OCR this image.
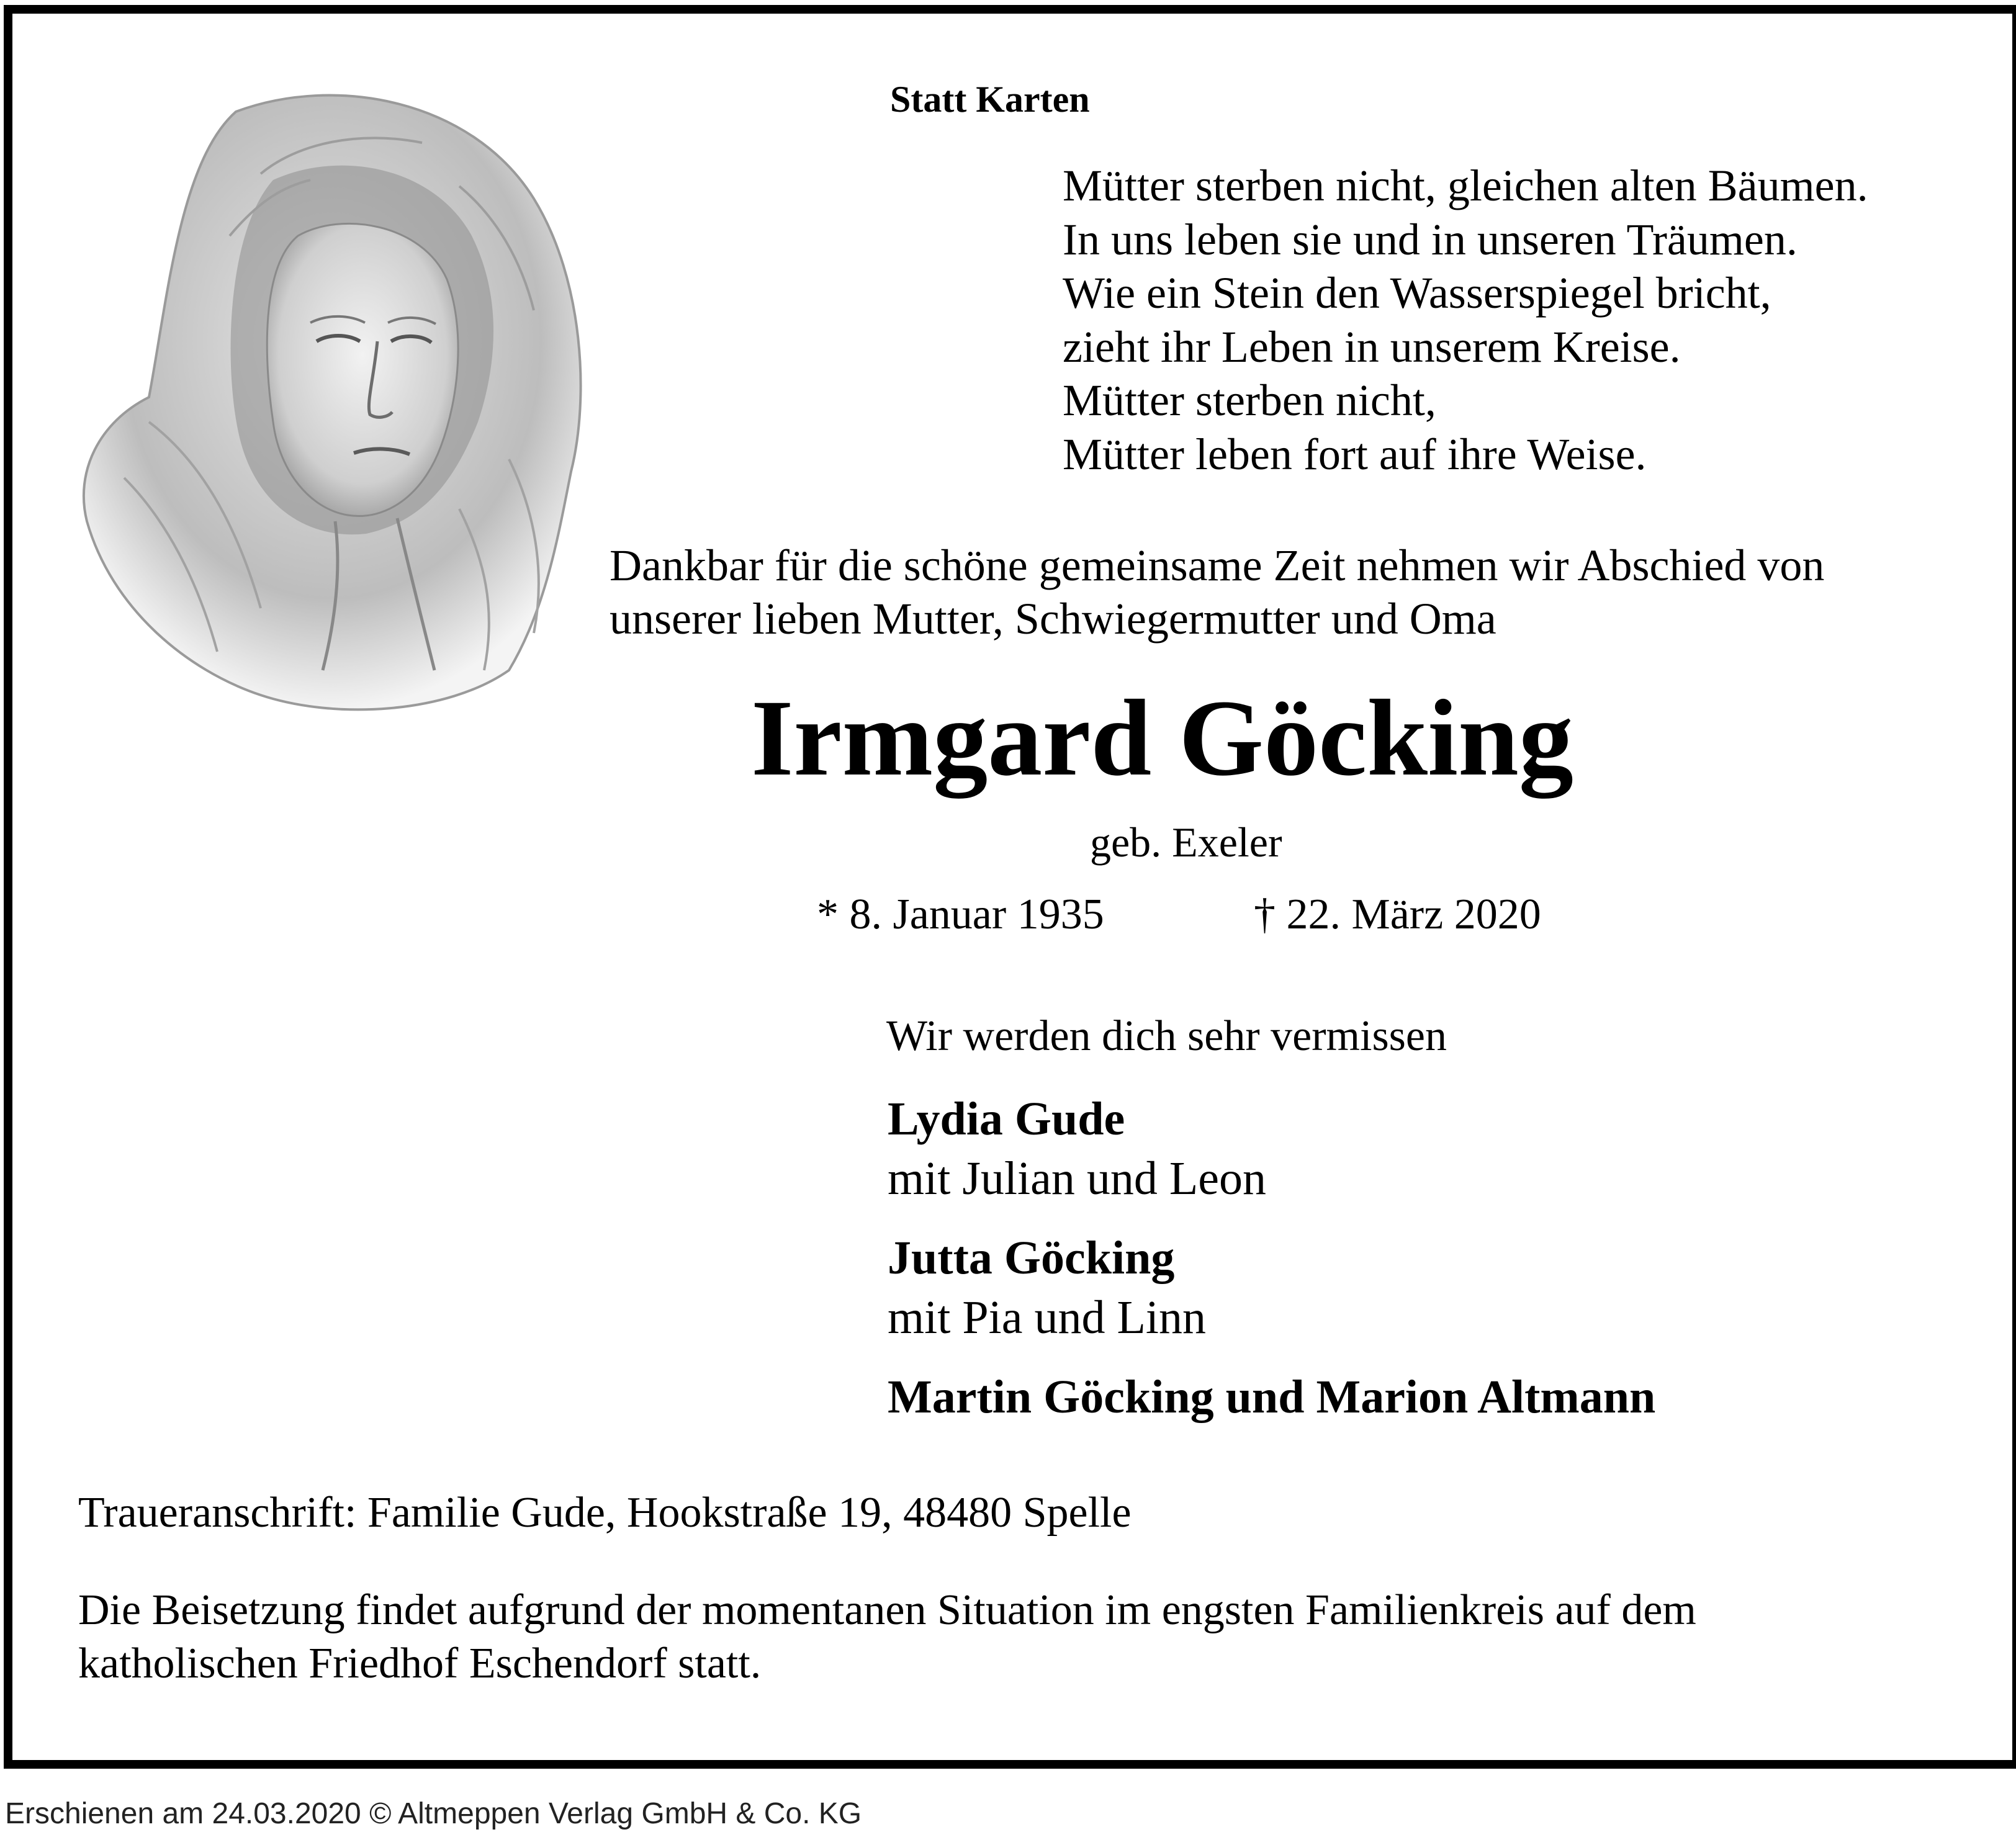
Statt Karten

Mütter sterben nicht, gleichen alten Bäumen.
In uns leben sie und in unseren Träumen.
Wie ein Stein den Wasserspiegel bricht,
zieht ihr Leben in unserem Kreise.
Mütter sterben nicht,
Mütter leben fort auf ihre Weise.
Dankbar für die schöne gemeinsame Zeit nehmen wir Abschied von
unserer lieben Mutter, Schwiegermutter und Oma
Irmgard Göcking
geb. Exeler
* 8. Januar 1935	† 22. März 2020
Wir werden dich sehr vermissen
Lydia Gude
mit Julian und Leon
Jutta Göcking
mit Pia und Linn
Martin Göcking und Marion Altmann
Traueranschrift: Familie Gude, Hookstraße 19, 48480 Spelle
Die Beisetzung findet aufgrund der momentanen Situation im engsten Familienkreis auf dem
katholischen Friedhof Eschendorf statt.
Erschienen am 24.03.2020 © Altmeppen Verlag GmbH & Co. KG
